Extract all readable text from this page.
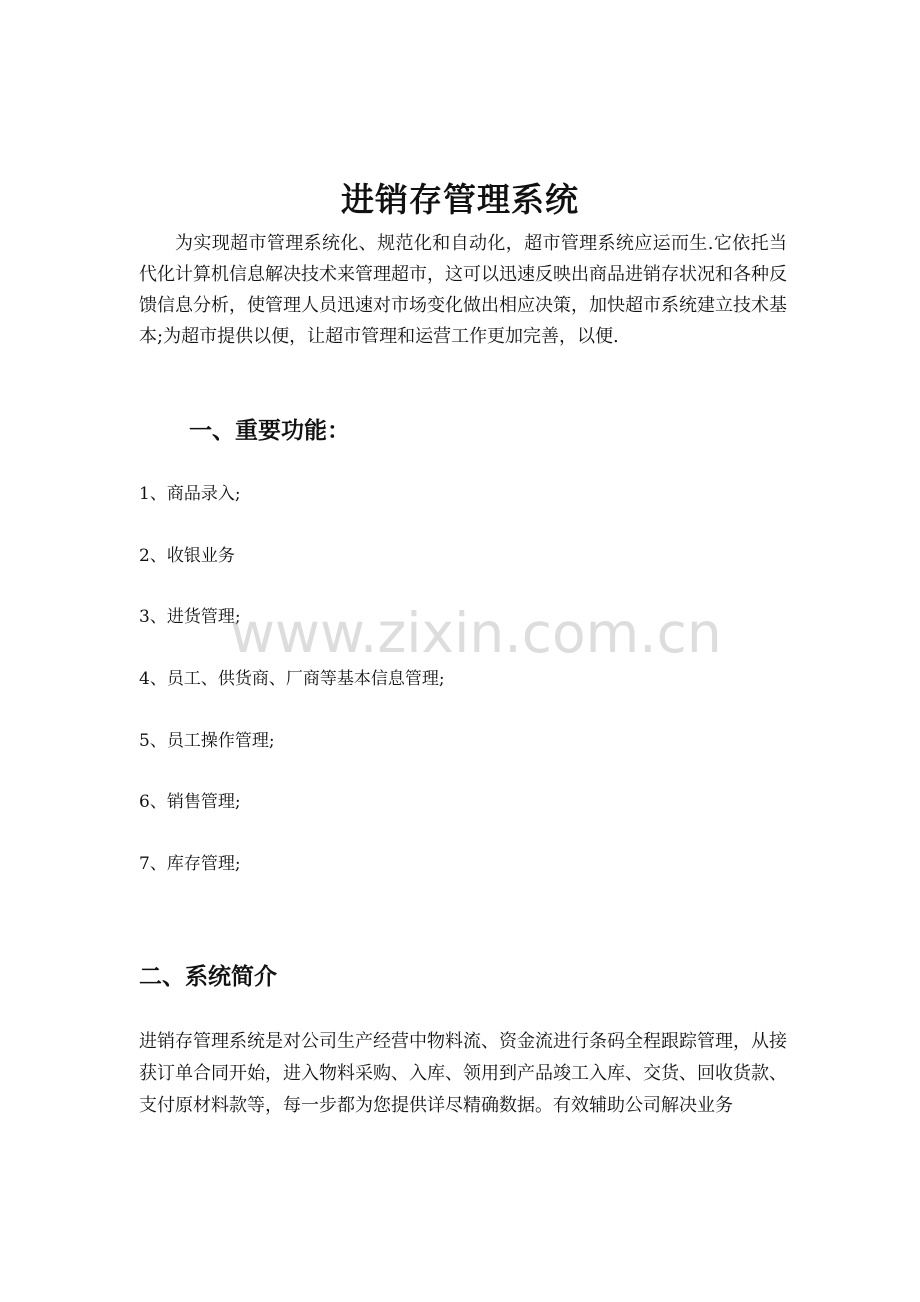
进销存管理系统

为实现超市管理系统化、规范化和自动化，超市管理系统应运而生.它依托当代化计算机信息解决技术来管理超市，这可以迅速反映出商品进销存状况和各种反馈信息分析，使管理人员迅速对市场变化做出相应决策，加快超市系统建立技术基本;为超市提供以便，让超市管理和运营工作更加完善，以便.

一、重要功能：
1、商品录入;
2、收银业务
3、进货管理;
4、员工、供货商、厂商等基本信息管理;
5、员工操作管理;
6、销售管理;
7、库存管理;
二、系统简介

进销存管理系统是对公司生产经营中物料流、资金流进行条码全程跟踪管理，从接获订单合同开始，进入物料采购、入库、领用到产品竣工入库、交货、回收货款、支付原材料款等，每一步都为您提供详尽精确数据。有效辅助公司解决业务

www.zixin.com.cn
